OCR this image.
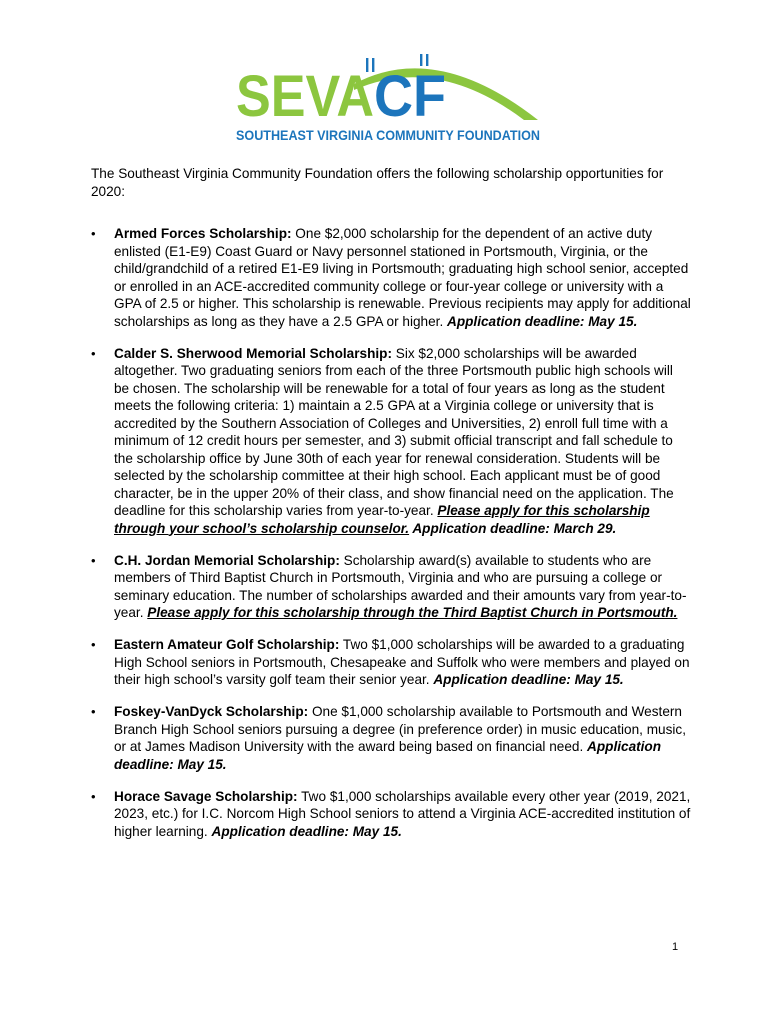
SEVA CF
SOUTHEAST VIRGINIA COMMUNITY FOUNDATION

The Southeast Virginia Community Foundation offers the following scholarship opportunities for 2020:

• Armed Forces Scholarship: One $2,000 scholarship for the dependent of an active duty enlisted (E1-E9) Coast Guard or Navy personnel stationed in Portsmouth, Virginia, or the child/grandchild of a retired E1-E9 living in Portsmouth; graduating high school senior, accepted or enrolled in an ACE-accredited community college or four-year college or university with a GPA of 2.5 or higher. This scholarship is renewable. Previous recipients may apply for additional scholarships as long as they have a 2.5 GPA or higher. Application deadline: May 15.
• Calder S. Sherwood Memorial Scholarship: Six $2,000 scholarships will be awarded altogether. Two graduating seniors from each of the three Portsmouth public high schools will be chosen. The scholarship will be renewable for a total of four years as long as the student meets the following criteria: 1) maintain a 2.5 GPA at a Virginia college or university that is accredited by the Southern Association of Colleges and Universities, 2) enroll full time with a minimum of 12 credit hours per semester, and 3) submit official transcript and fall schedule to the scholarship office by June 30th of each year for renewal consideration. Students will be selected by the scholarship committee at their high school. Each applicant must be of good character, be in the upper 20% of their class, and show financial need on the application. The deadline for this scholarship varies from year-to-year. Please apply for this scholarship through your school’s scholarship counselor. Application deadline: March 29.
• C.H. Jordan Memorial Scholarship: Scholarship award(s) available to students who are members of Third Baptist Church in Portsmouth, Virginia and who are pursuing a college or seminary education. The number of scholarships awarded and their amounts vary from year-to-year. Please apply for this scholarship through the Third Baptist Church in Portsmouth.
• Eastern Amateur Golf Scholarship: Two $1,000 scholarships will be awarded to a graduating High School seniors in Portsmouth, Chesapeake and Suffolk who were members and played on their high school’s varsity golf team their senior year. Application deadline: May 15.
• Foskey-VanDyck Scholarship: One $1,000 scholarship available to Portsmouth and Western Branch High School seniors pursuing a degree (in preference order) in music education, music, or at James Madison University with the award being based on financial need. Application deadline: May 15.
• Horace Savage Scholarship: Two $1,000 scholarships available every other year (2019, 2021, 2023, etc.) for I.C. Norcom High School seniors to attend a Virginia ACE-accredited institution of higher learning. Application deadline: May 15.
1
